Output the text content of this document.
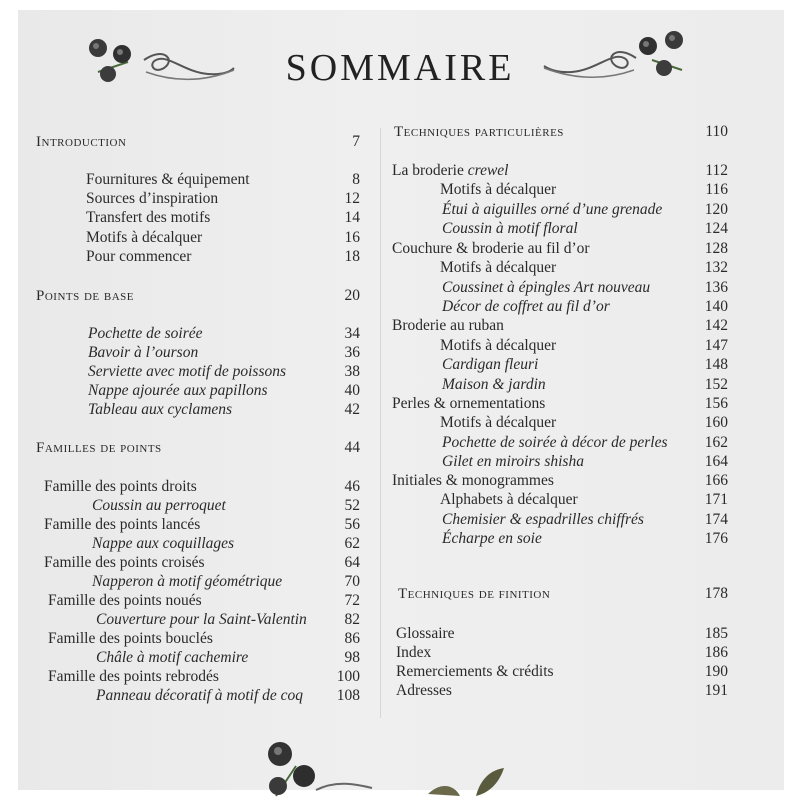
SOMMAIRE
Introduction	7
Fournitures & équipement	8
Sources d’inspiration	12
Transfert des motifs	14
Motifs à décalquer	16
Pour commencer	18
Points de base	20
Pochette de soirée	34
Bavoir à l’ourson	36
Serviette avec motif de poissons	38
Nappe ajourée aux papillons	40
Tableau aux cyclamens	42
Familles de points	44
Famille des points droits	46
Coussin au perroquet	52
Famille des points lancés	56
Nappe aux coquillages	62
Famille des points croisés	64
Napperon à motif géométrique	70
Famille des points noués	72
Couverture pour la Saint-Valentin 82
Famille des points bouclés	86
Châle à motif cachemire	98
Famille des points rebrodés	100
Panneau décoratif à motif de coq 108
Techniques particulières	110
La broderie crewel	112
Motifs à décalquer	116
Étui à aiguilles orné d’une grenade	120
Coussin à motif floral	124
Couchure & broderie au fil d’or	128
Motifs à décalquer	132
Coussinet à épingles Art nouveau	136
Décor de coffret au fil d’or	140
Broderie au ruban	142
Motifs à décalquer	147
Cardigan fleuri	148
Maison & jardin	152
Perles & ornementations	156
Motifs à décalquer	160
Pochette de soirée à décor de perles 162
Gilet en miroirs shisha	164
Initiales & monogrammes	166
Alphabets à décalquer	171
Chemisier & espadrilles chiffrés	174
Écharpe en soie	176
Techniques de finition	178
Glossaire	185
Index	186
Remerciements & crédits	190
Adresses	191
